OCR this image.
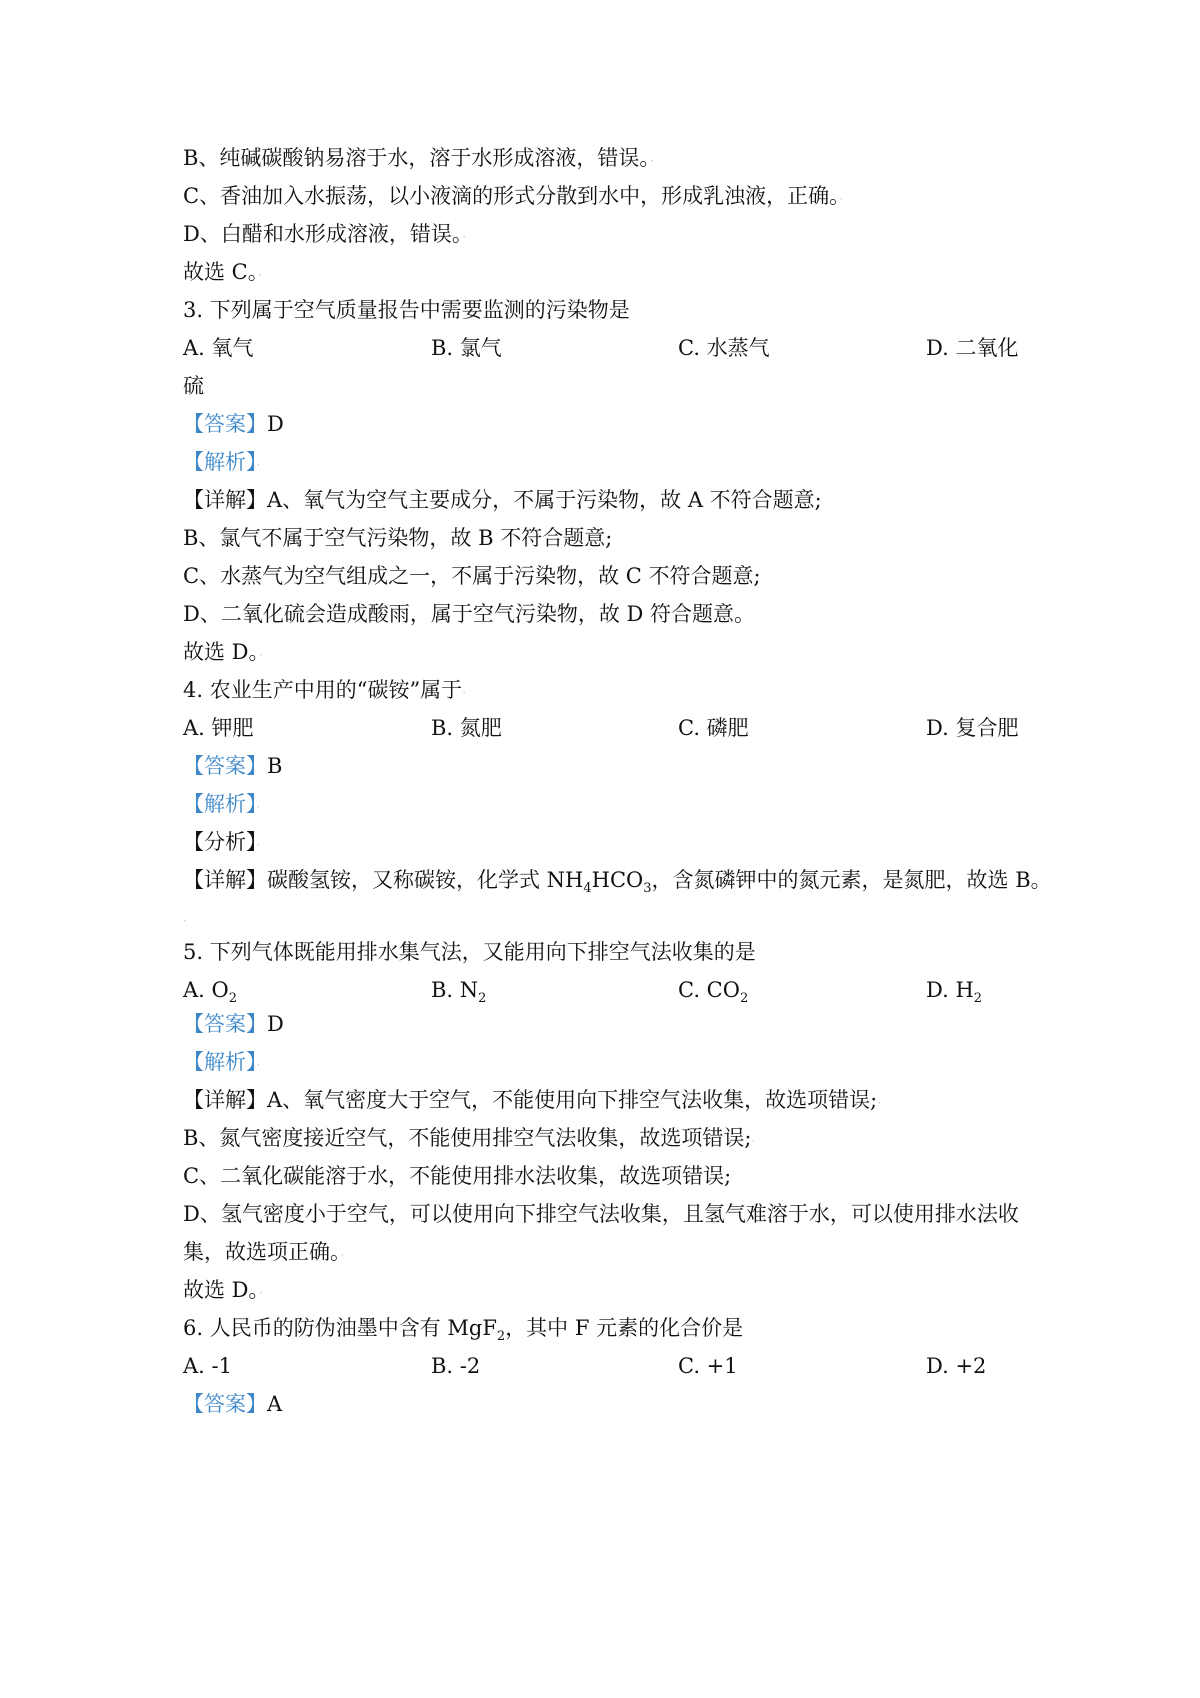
B、纯碱碳酸钠易溶于水，溶于水形成溶液，错误。·
C、香油加入水振荡，以小液滴的形式分散到水中，形成乳浊液，正确。·
D、白醋和水形成溶液，错误。·
故选 C。·
3. 下列属于空气质量报告中需要监测的污染物是
A. 氧气	B. 氯气	C. 水蒸气	D. 二氧化
硫
【答案】D
【解析】·
【详解】A、氧气为空气主要成分，不属于污染物，故 A 不符合题意;
B、氯气不属于空气污染物，故 B 不符合题意;
C、水蒸气为空气组成之一，不属于污染物，故 C 不符合题意;
D、二氧化硫会造成酸雨，属于空气污染物，故 D 符合题意。
故选 D。·
4. 农业生产中用的“碳铵”属于·
A. 钾肥	B. 氮肥	C. 磷肥	D. 复合肥
【答案】B
【解析】·
【分析】·
【详解】碳酸氢铵，又称碳铵，化学式 $NH_4HCO_3$，含氮磷钾中的氮元素，是氮肥，故选 B。
·
5. 下列气体既能用排水集气法，又能用向下排空气法收集的是
A. $O_2$	B. $N_2$	C. $CO_2$	D. $H_2$
【答案】D
【解析】·
【详解】A、氧气密度大于空气，不能使用向下排空气法收集，故选项错误;·
B、氮气密度接近空气，不能使用排空气法收集，故选项错误;·
C、二氧化碳能溶于水，不能使用排水法收集，故选项错误;
D、氢气密度小于空气，可以使用向下排空气法收集，且氢气难溶于水，可以使用排水法收
集，故选项正确。·
故选 D。·
6. 人民币的防伪油墨中含有 MgF$_2$，其中 F 元素的化合价是
A. -1	B. -2	C. +1	D. +2
【答案】A
